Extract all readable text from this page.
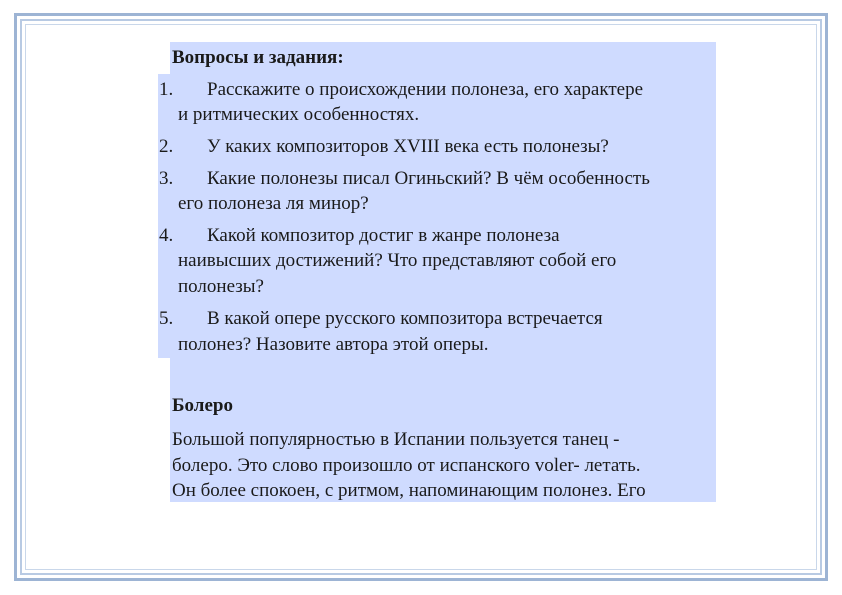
Вопросы и задания:
1. Расскажите о происхождении полонеза, его характере
и ритмических особенностях.
2. У каких композиторов XVIII века есть полонезы?
3. Какие полонезы писал Огиньский? В чём особенность
его полонеза ля минор?
4. Какой композитор достиг в жанре полонеза
наивысших достижений? Что представляют собой его
полонезы?
5. В какой опере русского композитора встречается
полонез? Назовите автора этой оперы.
Болеро
Большой популярностью в Испании пользуется танец -
болеро. Это слово произошло от испанского voler- летать.
Он более спокоен, с ритмом, напоминающим полонез. Его
